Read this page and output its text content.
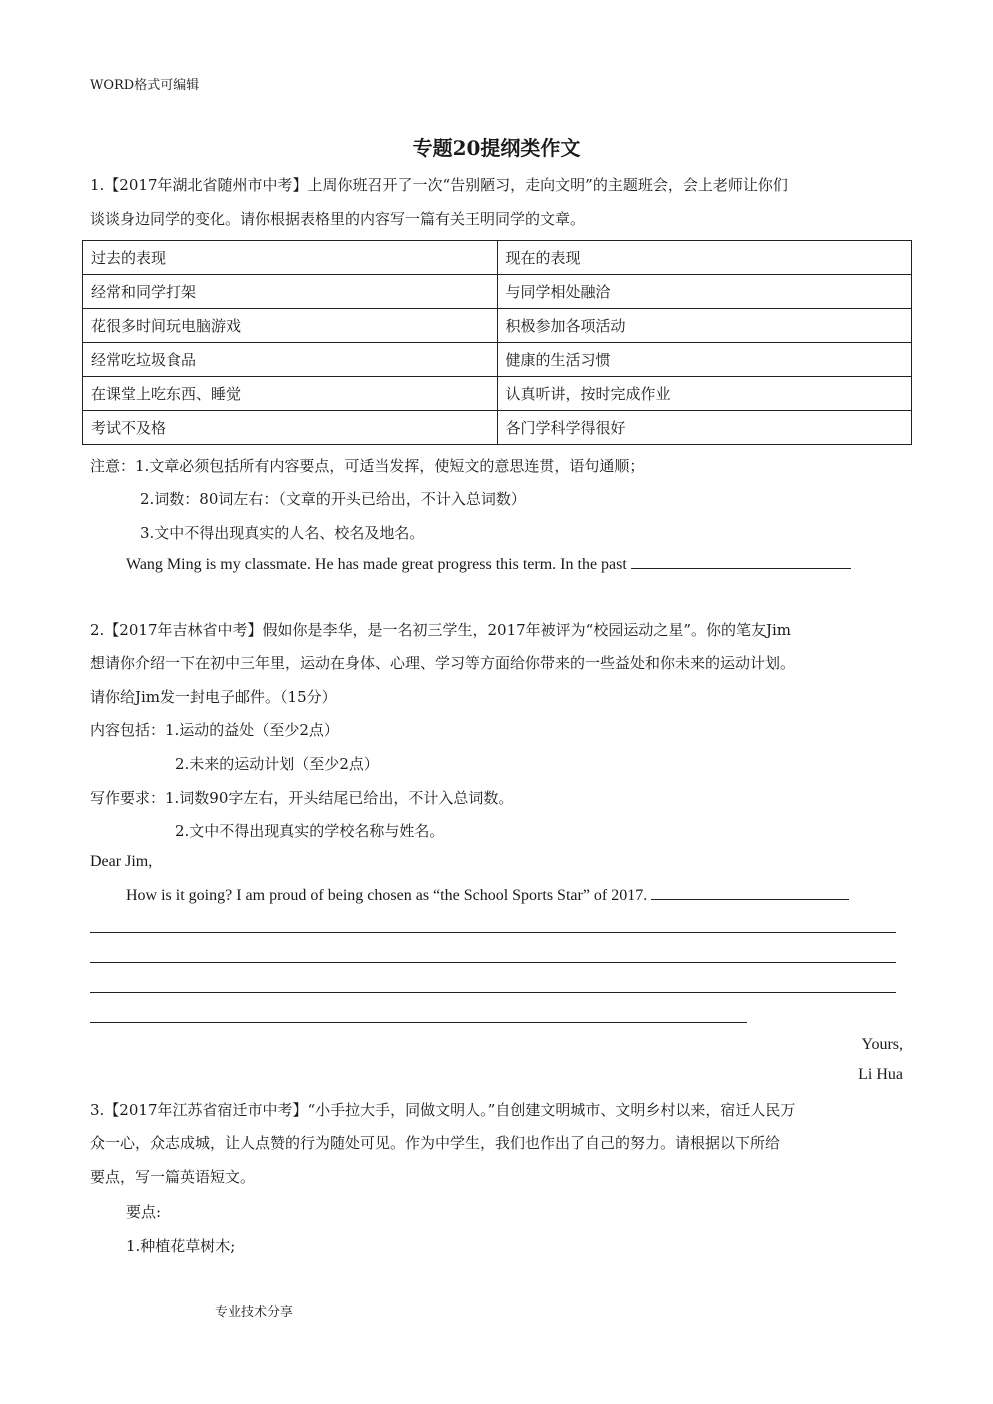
WORD格式可编辑
专题20提纲类作文
1.【2017年湖北省随州市中考】上周你班召开了一次“告别陋习，走向文明”的主题班会，会上老师让你们
谈谈身边同学的变化。请你根据表格里的内容写一篇有关王明同学的文章。
过去的表现	现在的表现
经常和同学打架	与同学相处融洽
花很多时间玩电脑游戏	积极参加各项活动
经常吃垃圾食品	健康的生活习惯
在课堂上吃东西、睡觉	认真听讲，按时完成作业
考试不及格	各门学科学得很好
注意：1.文章必须包括所有内容要点，可适当发挥，使短文的意思连贯，语句通顺；
2.词数：80词左右：（文章的开头已给出，不计入总词数）
3.文中不得出现真实的人名、校名及地名。
Wang Ming is my classmate. He has made great progress this term. In the past
2.【2017年吉林省中考】假如你是李华，是一名初三学生，2017年被评为“校园运动之星”。你的笔友Jim
想请你介绍一下在初中三年里，运动在身体、心理、学习等方面给你带来的一些益处和你未来的运动计划。
请你给Jim发一封电子邮件。（15分）
内容包括：1.运动的益处（至少2点）
2.未来的运动计划（至少2点）
写作要求：1.词数90字左右，开头结尾已给出，不计入总词数。
2.文中不得出现真实的学校名称与姓名。
Dear Jim,
How is it going? I am proud of being chosen as “the School Sports Star” of 2017.
Yours,
Li Hua
3.【2017年江苏省宿迁市中考】“小手拉大手，同做文明人。”自创建文明城市、文明乡村以来，宿迁人民万
众一心，众志成城，让人点赞的行为随处可见。作为中学生，我们也作出了自己的努力。请根据以下所给
要点，写一篇英语短文。
要点:
1.种植花草树木;
专业技术分享
